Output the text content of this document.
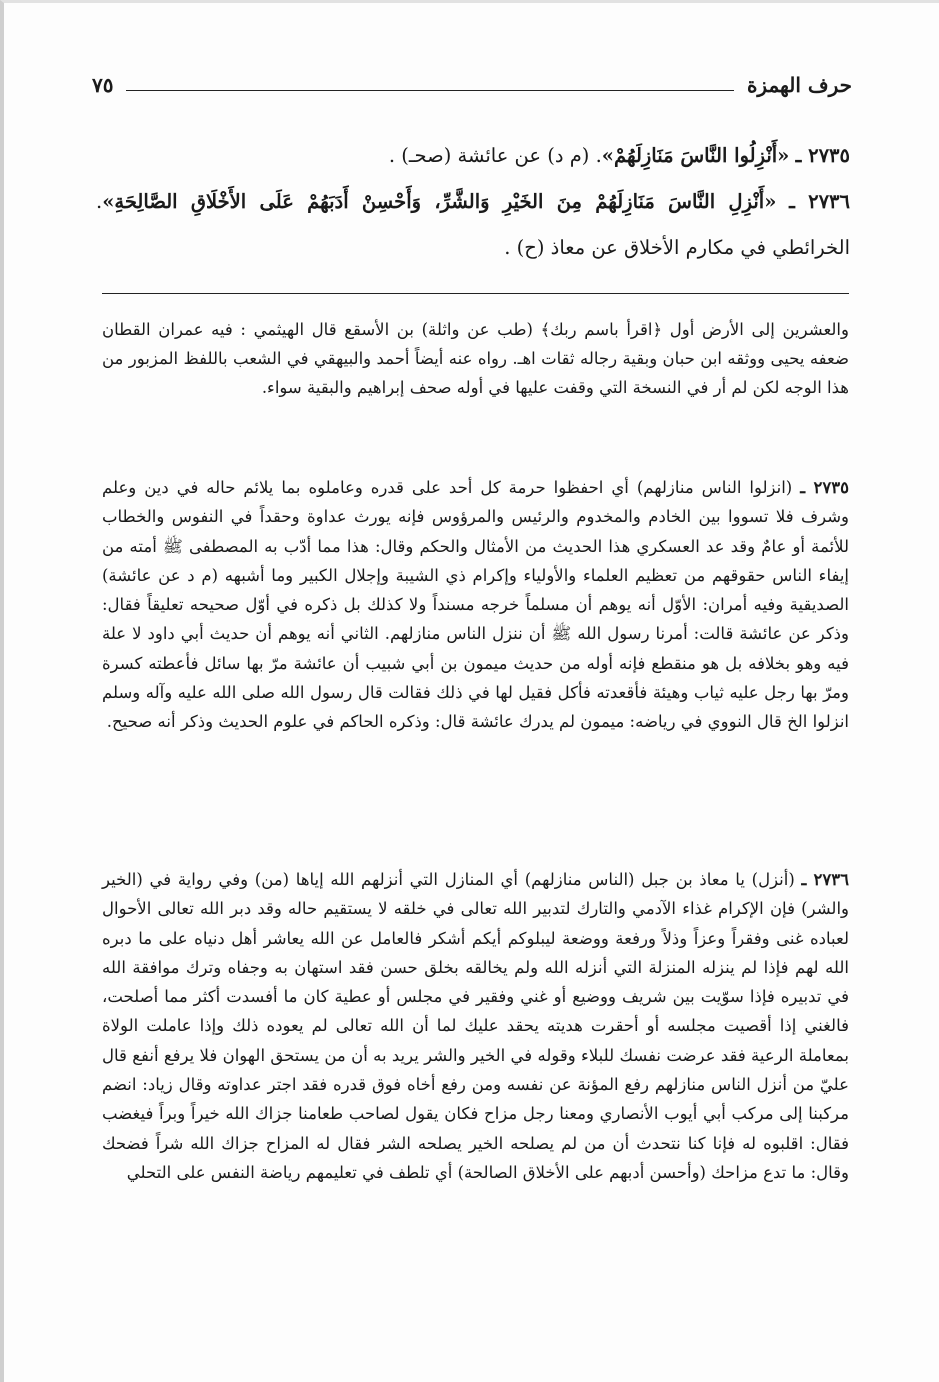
حرف الهمزة
٧٥
٢٧٣٥ ـ «أَنْزِلُوا النَّاسَ مَنَازِلَهُمْ». (م د) عن عائشة (صحـ) .
٢٧٣٦ ـ «أَنْزِلِ النَّاسَ مَنَازِلَهُمْ مِنَ الخَيْرِ وَالشَّرِّ، وَأَحْسِنْ أَدَبَهُمْ عَلَى الأَخْلَاقِ الصَّالِحَةِ». الخرائطي في مكارم الأخلاق عن معاذ (ح) .

والعشرين إلى الأرض أول ﴿اقرأ باسم ربك﴾ (طب عن واثلة) بن الأسقع قال الهيثمي : فيه عمران القطان ضعفه يحيى ووثقه ابن حبان وبقية رجاله ثقات اهـ. رواه عنه أيضاً أحمد والبيهقي في الشعب باللفظ المزبور من هذا الوجه لكن لم أر في النسخة التي وقفت عليها في أوله صحف إبراهيم والبقية سواء.

٢٧٣٥ ـ (انزلوا الناس منازلهم) أي احفظوا حرمة كل أحد على قدره وعاملوه بما يلائم حاله في دين وعلم وشرف فلا تسووا بين الخادم والمخدوم والرئيس والمرؤوس فإنه يورث عداوة وحقداً في النفوس والخطاب للأئمة أو عامٌ وقد عد العسكري هذا الحديث من الأمثال والحكم وقال: هذا مما أدّب به المصطفى ﷺ أمته من إيفاء الناس حقوقهم من تعظيم العلماء والأولياء وإكرام ذي الشيبة وإجلال الكبير وما أشبهه (م د عن عائشة) الصديقية وفيه أمران: الأوّل أنه يوهم أن مسلماً خرجه مسنداً ولا كذلك بل ذكره في أوّل صحيحه تعليقاً فقال: وذكر عن عائشة قالت: أمرنا رسول الله ﷺ أن ننزل الناس منازلهم. الثاني أنه يوهم أن حديث أبي داود لا علة فيه وهو بخلافه بل هو منقطع فإنه أوله من حديث ميمون بن أبي شبيب أن عائشة مرّ بها سائل فأعطته كسرة ومرّ بها رجل عليه ثياب وهيئة فأقعدته فأكل فقيل لها في ذلك فقالت قال رسول الله صلى الله عليه وآله وسلم انزلوا الخ قال النووي في رياضه: ميمون لم يدرك عائشة قال: وذكره الحاكم في علوم الحديث وذكر أنه صحيح.

٢٧٣٦ ـ (أنزل) يا معاذ بن جبل (الناس منازلهم) أي المنازل التي أنزلهم الله إياها (من) وفي رواية في (الخير والشر) فإن الإكرام غذاء الآدمي والتارك لتدبير الله تعالى في خلقه لا يستقيم حاله وقد دبر الله تعالى الأحوال لعباده غنى وفقراً وعزاً وذلاً ورفعة ووضعة ليبلوكم أيكم أشكر فالعامل عن الله يعاشر أهل دنياه على ما دبره الله لهم فإذا لم ينزله المنزلة التي أنزله الله ولم يخالقه بخلق حسن فقد استهان به وجفاه وترك موافقة الله في تدبيره فإذا سوّيت بين شريف ووضيع أو غني وفقير في مجلس أو عطية كان ما أفسدت أكثر مما أصلحت، فالغني إذا أقصيت مجلسه أو أحقرت هديته يحقد عليك لما أن الله تعالى لم يعوده ذلك وإذا عاملت الولاة بمعاملة الرعية فقد عرضت نفسك للبلاء وقوله في الخير والشر يريد به أن من يستحق الهوان فلا يرفع أنفع قال عليّ من أنزل الناس منازلهم رفع المؤنة عن نفسه ومن رفع أخاه فوق قدره فقد اجتر عداوته وقال زياد: انضم مركبنا إلى مركب أبي أيوب الأنصاري ومعنا رجل مزاح فكان يقول لصاحب طعامنا جزاك الله خيراً وبراً فيغضب فقال: اقلبوه له فإنا كنا نتحدث أن من لم يصلحه الخير يصلحه الشر فقال له المزاح جزاك الله شراً فضحك وقال: ما تدع مزاحك (وأحسن أدبهم على الأخلاق الصالحة) أي تلطف في تعليمهم رياضة النفس على التحلي
